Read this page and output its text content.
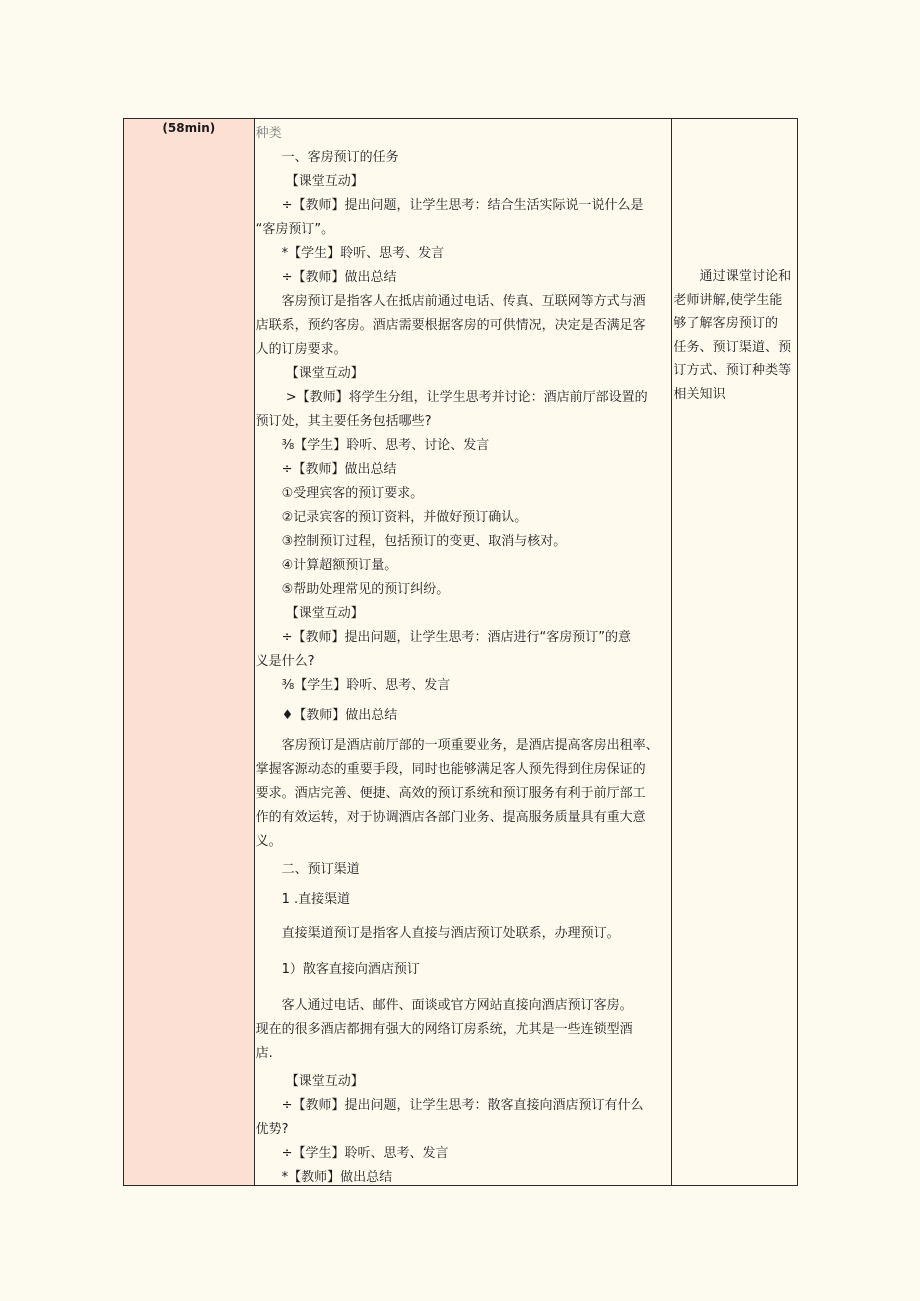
(58min)	种类
　　一、客房预订的任务
　　 【课堂互动】
　　÷【教师】提出问题，让学生思考：结合生活实际说一说什么是
“客房预订”。
　　*【学生】聆听、思考、发言
　　÷【教师】做出总结
　　客房预订是指客人在抵店前通过电话、传真、互联网等方式与酒
店联系，预约客房。酒店需要根据客房的可供情况，决定是否满足客
人的订房要求。
　　 【课堂互动】
　　 >【教师】将学生分组，让学生思考并讨论：酒店前厅部设置的
预订处，其主要任务包括哪些?
　　⅜【学生】聆听、思考、讨论、发言
　　÷【教师】做出总结
　　①受理宾客的预订要求。
　　②记录宾客的预订资料，并做好预订确认。
　　③控制预订过程，包括预订的变更、取消与核对。
　　④计算超额预订量。
　　⑤帮助处理常见的预订纠纷。
　　 【课堂互动】
　　÷【教师】提出问题，让学生思考：酒店进行“客房预订”的意
义是什么?
　　⅜【学生】聆听、思考、发言
　　♦【教师】做出总结
　　客房预订是酒店前厅部的一项重要业务，是酒店提高客房出租率、
掌握客源动态的重要手段，同时也能够满足客人预先得到住房保证的
要求。酒店完善、便捷、高效的预订系统和预订服务有利于前厅部工
作的有效运转，对于协调酒店各部门业务、提高服务质量具有重大意
义。
　　二、预订渠道
　　1 .直接渠道
　　直接渠道预订是指客人直接与酒店预订处联系，办理预订。
　　1）散客直接向酒店预订
　　客人通过电话、邮件、面谈或官方网站直接向酒店预订客房。
现在的很多酒店都拥有强大的网络订房系统，尤其是一些连锁型酒
店.
　　 【课堂互动】
　　÷【教师】提出问题，让学生思考：散客直接向酒店预订有什么
优势?
　　÷【学生】聆听、思考、发言
　　*【教师】做出总结
　　通过课堂讨论和
老师讲解,使学生能
够了解客房预订的
任务、预订渠道、预
订方式、预订种类等
相关知识
